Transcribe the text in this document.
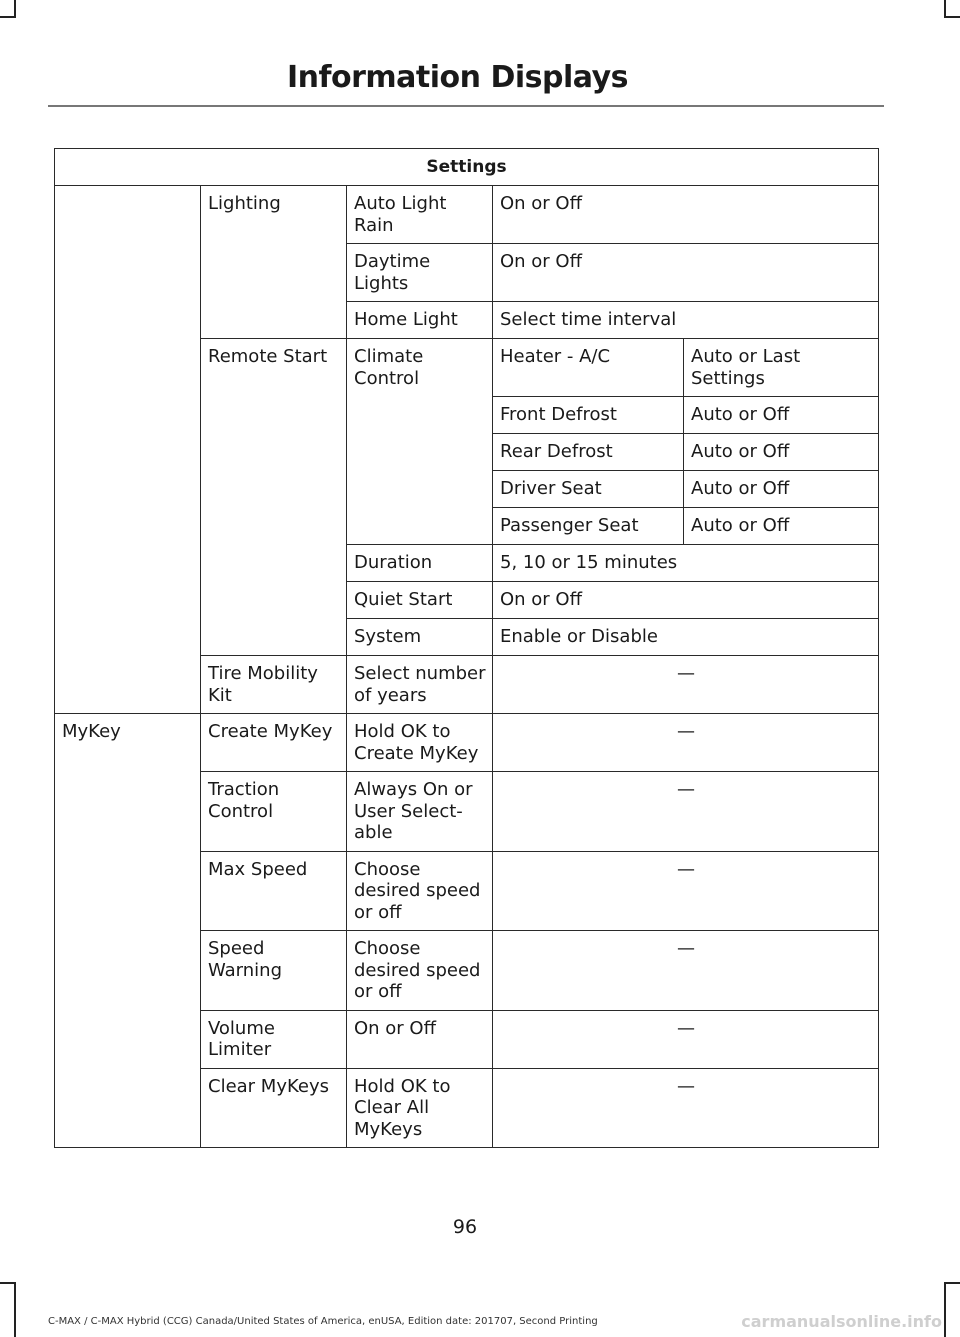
Information Displays
Settings				
	Lighting	Auto Light Rain	On or Off	
		Daytime Lights	On or Off	
		Home Light	Select time interval	
	Remote Start	Climate Control	Heater - A/C	Auto or Last Settings
			Front Defrost	Auto or Off
			Rear Defrost	Auto or Off
			Driver Seat	Auto or Off
			Passenger Seat	Auto or Off
		Duration	5, 10 or 15 minutes	
		Quiet Start	On or Off	
		System	Enable or Disable	
	Tire Mobility Kit	Select number of years	—	
MyKey	Create MyKey	Hold OK to Create MyKey	—	
	Traction Control	Always On or User Select- able	—	
	Max Speed	Choose desired speed or off	—	
	Speed Warning	Choose desired speed or off	—	
	Volume Limiter	On or Off	—	
	Clear MyKeys	Hold OK to Clear All MyKeys	—	
96
C-MAX / C-MAX Hybrid (CCG) Canada/United States of America, enUSA, Edition date: 201707, Second Printing	carmanualsonline.info
